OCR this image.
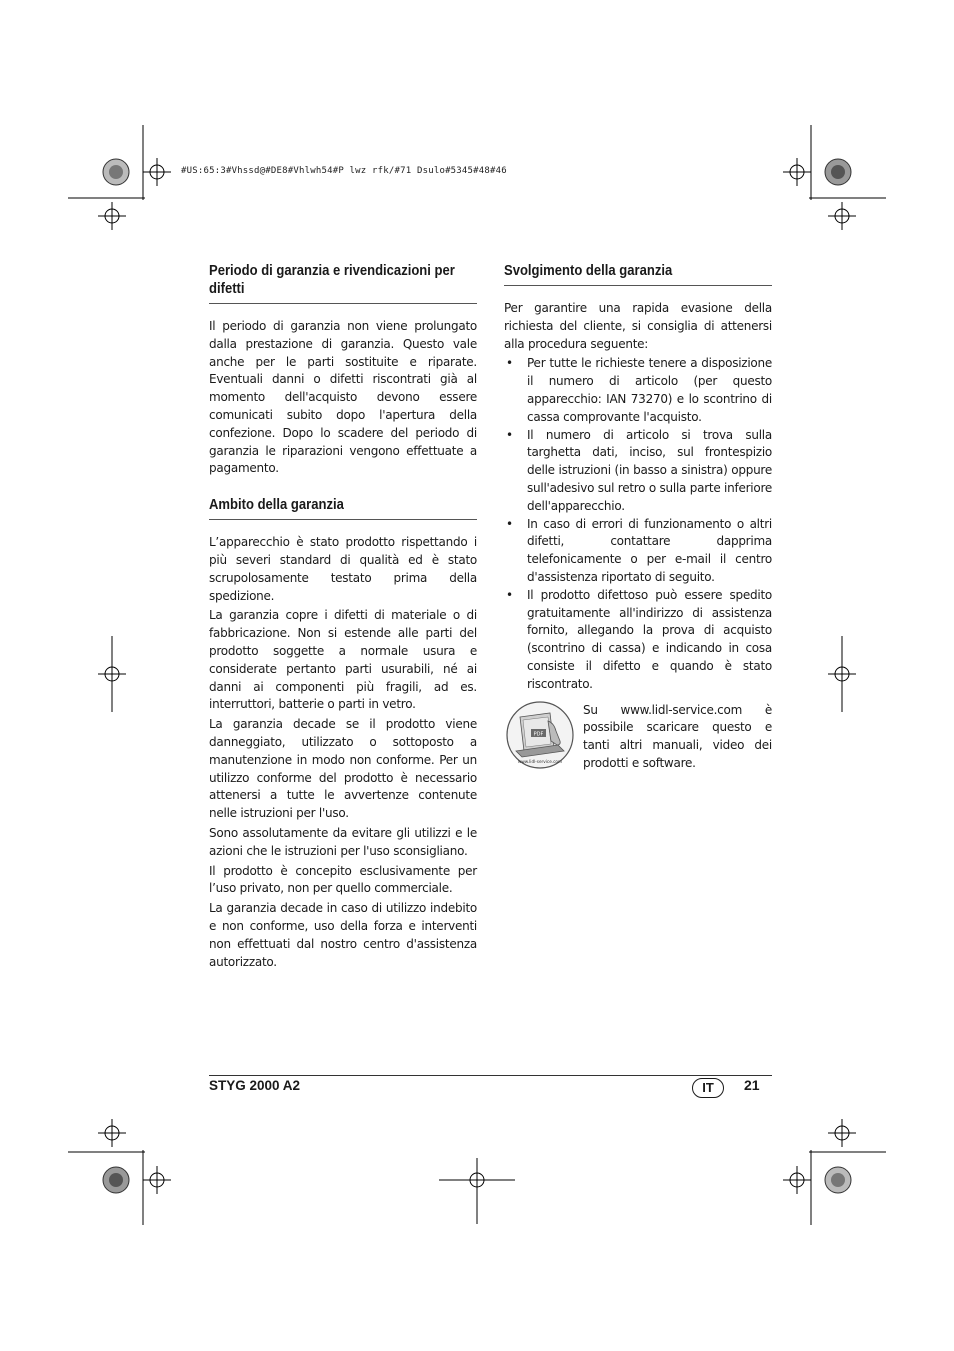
#US:65:3#Vhssd@#DE8#Vhlwh54#P lwz rfk/#71 Dsulo#5345#48#46
Periodo di garanzia e rivendicazioni per difetti

Il periodo di garanzia non viene prolungato dalla prestazione di garanzia. Questo vale anche per le parti sostituite e riparate. Eventuali danni o difetti riscontrati già al momento dell'acquisto devono essere comunicati subito dopo l'apertura della confezione. Dopo lo scadere del periodo di garanzia le riparazioni vengono effettuate a pagamento.

Ambito della garanzia

L’apparecchio è stato prodotto rispettando i più severi standard di qualità ed è stato scrupolosamente testato prima della spedizione.

La garanzia copre i difetti di materiale o di fabbricazione. Non si estende alle parti del prodotto soggette a normale usura e considerate pertanto parti usurabili, né ai danni ai componenti più fragili, ad es. interruttori, batterie o parti in vetro.

La garanzia decade se il prodotto viene danneggiato, utilizzato o sottoposto a manutenzione in modo non conforme. Per un utilizzo conforme del prodotto è necessario attenersi a tutte le avvertenze contenute nelle istruzioni per l'uso.

Sono assolutamente da evitare gli utilizzi e le azioni che le istruzioni per l'uso sconsigliano.

Il prodotto è concepito esclusivamente per l’uso privato, non per quello commerciale.

La garanzia decade in caso di utilizzo indebito e non conforme, uso della forza e interventi non effettuati dal nostro centro d'assistenza autorizzato.

Svolgimento della garanzia

Per garantire una rapida evasione della richiesta del cliente, si consiglia di attenersi alla procedura seguente:

• Per tutte le richieste tenere a disposizione il numero di articolo (per questo apparecchio: IAN 73270) e lo scontrino di cassa comprovante l'acquisto.
• Il numero di articolo si trova sulla targhetta dati, inciso, sul frontespizio delle istruzioni (in basso a sinistra) oppure sull'adesivo sul retro o sulla parte inferiore dell'apparecchio.
• In caso di errori di funzionamento o altri difetti, contattare dapprima telefonicamente o per e-mail il centro d'assistenza riportato di seguito.
• Il prodotto difettoso può essere spedito gratuitamente all'indirizzo di assistenza fornito, allegando la prova di acquisto (scontrino di cassa) e indicando in cosa consiste il difetto e quando è stato riscontrato.
PDF
www.lidl-service.com
Su www.lidl-service.com è possibile scaricare questo e tanti altri manuali, video dei prodotti e software.
STYG 2000 A2	IT	21
